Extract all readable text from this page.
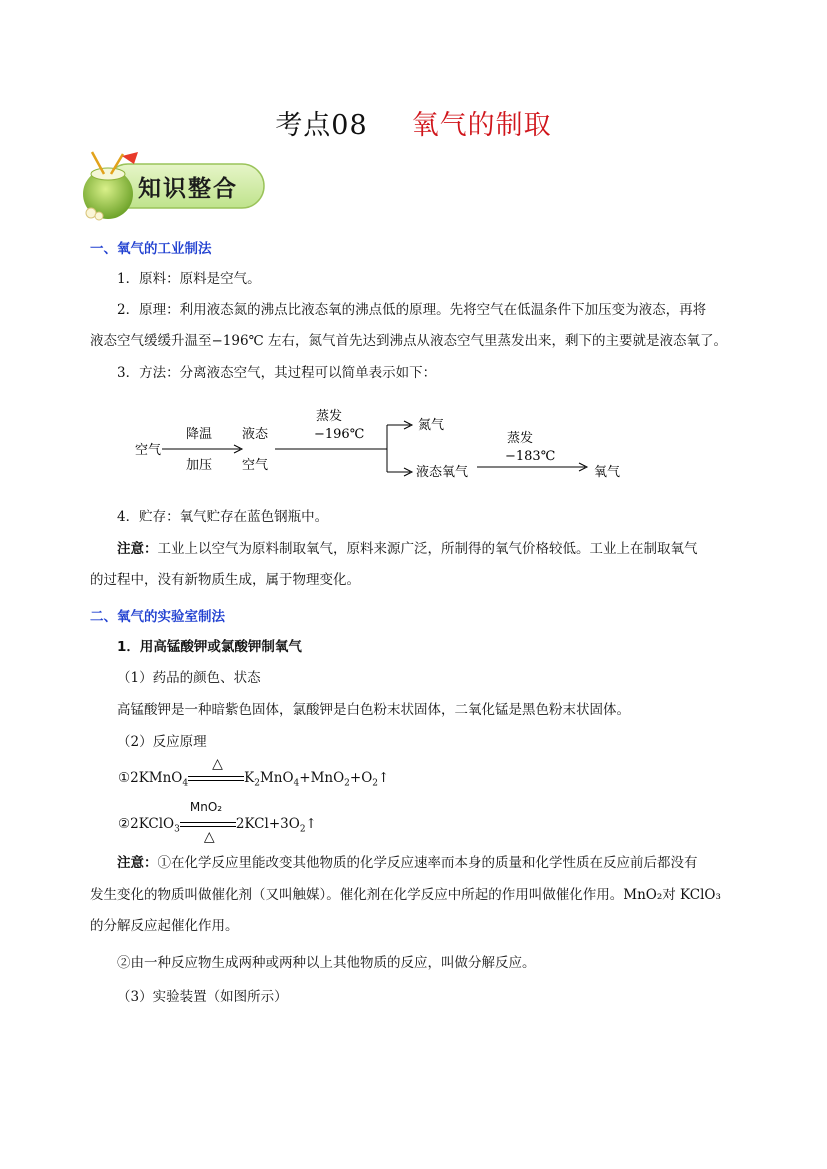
考点08 氧气的制取
知识整合
一、氧气的工业制法
1．原料：原料是空气。
2．原理：利用液态氮的沸点比液态氧的沸点低的原理。先将空气在低温条件下加压变为液态，再将
液态空气缓缓升温至−196℃ 左右，氮气首先达到沸点从液态空气里蒸发出来，剩下的主要就是液态氧了。
3．方法：分离液态空气，其过程可以简单表示如下：
空气
降温
加压
液态
空气
蒸发
−196℃
氮气
液态氧气
蒸发
−183℃
氧气
4．贮存：氧气贮存在蓝色钢瓶中。
注意：工业上以空气为原料制取氧气，原料来源广泛，所制得的氧气价格较低。工业上在制取氧气
的过程中，没有新物质生成，属于物理变化。
二、氧气的实验室制法
1．用高锰酸钾或氯酸钾制氧气
（1）药品的颜色、状态
高锰酸钾是一种暗紫色固体，氯酸钾是白色粉末状固体，二氧化锰是黑色粉末状固体。
（2）反应原理
①2KMnO$_4$
△
$K_2MnO_4+MnO_2+O_2↑$
②2KClO$_3$
MnO₂
△
$2KCl+3O_2↑$
注意：①在化学反应里能改变其他物质的化学反应速率而本身的质量和化学性质在反应前后都没有
发生变化的物质叫做催化剂（又叫触媒）。催化剂在化学反应中所起的作用叫做催化作用。MnO₂对 KClO₃
的分解反应起催化作用。
②由一种反应物生成两种或两种以上其他物质的反应，叫做分解反应。
（3）实验装置（如图所示）
